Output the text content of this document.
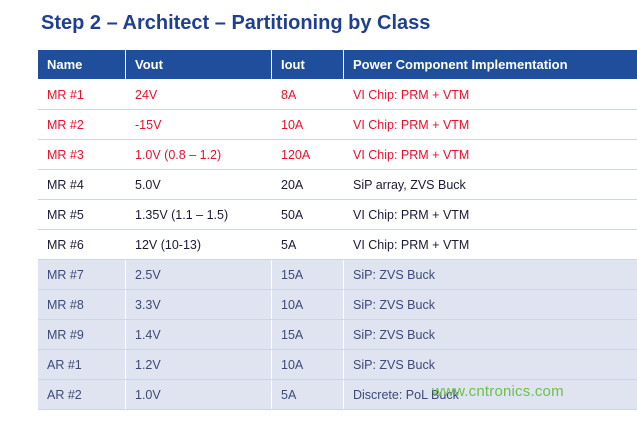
Step 2 – Architect – Partitioning by Class
Name	Vout	Iout	Power Component Implementation
MR #1	24V	8A	VI Chip: PRM + VTM
MR #2	-15V	10A	VI Chip: PRM + VTM
MR #3	1.0V (0.8 – 1.2)	120A	VI Chip: PRM + VTM
MR #4	5.0V	20A	SiP array, ZVS Buck
MR #5	1.35V (1.1 – 1.5)	50A	VI Chip: PRM + VTM
MR #6	12V (10-13)	5A	VI Chip: PRM + VTM
MR #7	2.5V	15A	SiP: ZVS Buck
MR #8	3.3V	10A	SiP: ZVS Buck
MR #9	1.4V	15A	SiP: ZVS Buck
AR #1	1.2V	10A	SiP: ZVS Buck
AR #2	1.0V	5A	Discrete: PoL Buck
www.cntronics.com
